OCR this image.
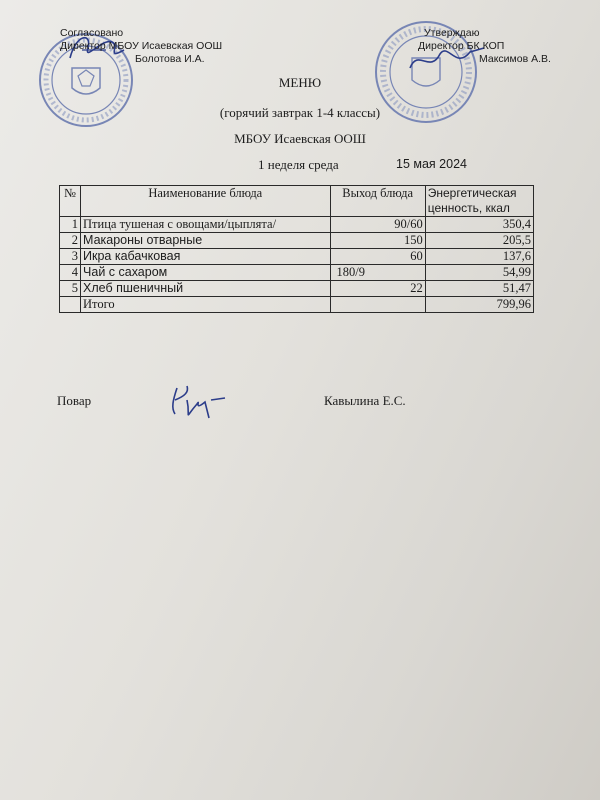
Согласовано
Директор МБОУ Исаевская ООШ
Болотова И.А.
Утверждаю
Директор БК КОП
Максимов А.В.
МЕНЮ
(горячий завтрак 1-4 классы)
МБОУ Исаевская ООШ
1 неделя среда	15 мая 2024
№	Наименование блюда	Выход блюда	Энергетическая ценность, ккал
1	Птица тушеная с овощами/цыплята/	90/60	350,4
2	Макароны отварные	150	205,5
3	Икра кабачковая	60	137,6
4	Чай с сахаром	180/9	54,99
5	Хлеб пшеничный	22	51,47
	Итого		799,96
Повар	Кавылина Е.С.
